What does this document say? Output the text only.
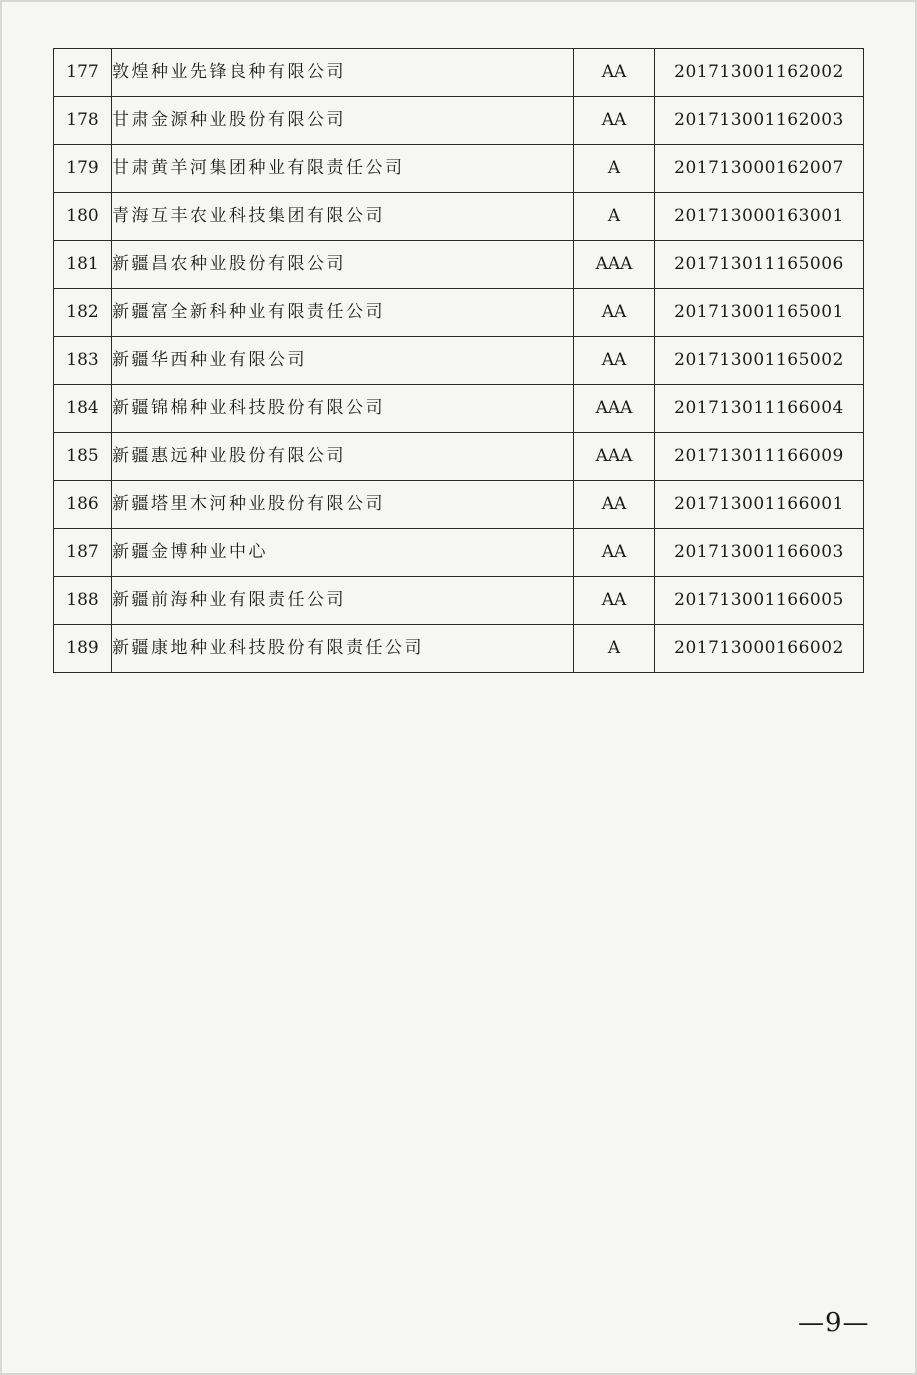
177	敦煌种业先锋良种有限公司	AA	201713001162002
178	甘肃金源种业股份有限公司	AA	201713001162003
179	甘肃黄羊河集团种业有限责任公司	A	201713000162007
180	青海互丰农业科技集团有限公司	A	201713000163001
181	新疆昌农种业股份有限公司	AAA	201713011165006
182	新疆富全新科种业有限责任公司	AA	201713001165001
183	新疆华西种业有限公司	AA	201713001165002
184	新疆锦棉种业科技股份有限公司	AAA	201713011166004
185	新疆惠远种业股份有限公司	AAA	201713011166009
186	新疆塔里木河种业股份有限公司	AA	201713001166001
187	新疆金博种业中心	AA	201713001166003
188	新疆前海种业有限责任公司	AA	201713001166005
189	新疆康地种业科技股份有限责任公司	A	201713000166002
—9—
